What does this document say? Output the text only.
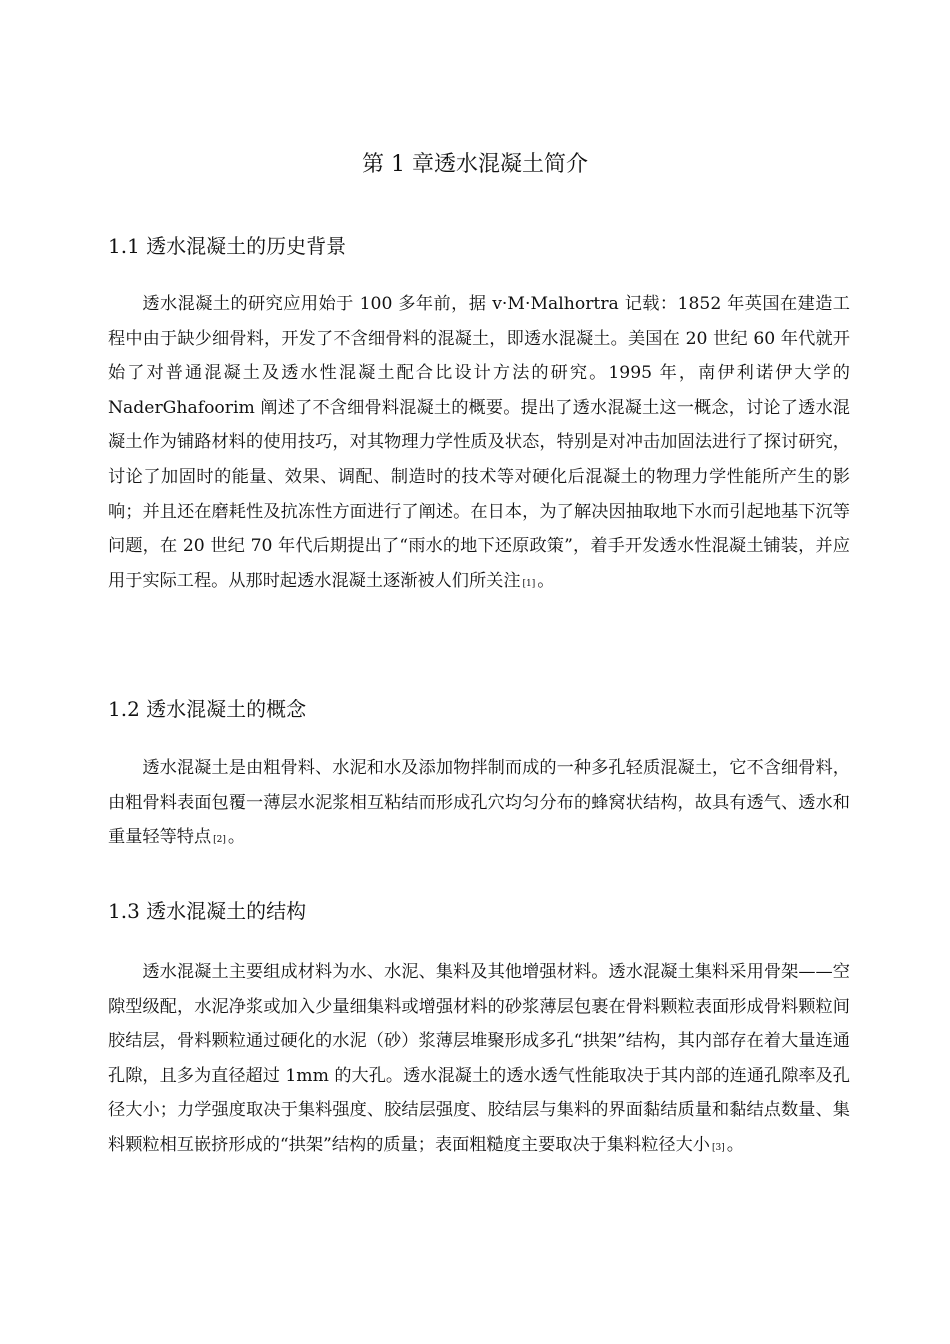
第 1 章透水混凝土简介
1.1 透水混凝土的历史背景

透水混凝土的研究应用始于 100 多年前，据 v·M·Malhortra 记载：1852 年英国在建造工程中由于缺少细骨料，开发了不含细骨料的混凝土，即透水混凝土。美国在 20 世纪 60 年代就开始了对普通混凝土及透水性混凝土配合比设计方法的研究。1995 年，南伊利诺伊大学的 NaderGhafoorim 阐述了不含细骨料混凝土的概要。提出了透水混凝土这一概念，讨论了透水混凝土作为铺路材料的使用技巧，对其物理力学性质及状态，特别是对冲击加固法进行了探讨研究，讨论了加固时的能量、效果、调配、制造时的技术等对硬化后混凝土的物理力学性能所产生的影响；并且还在磨耗性及抗冻性方面进行了阐述。在日本，为了解决因抽取地下水而引起地基下沉等问题，在 20 世纪 70 年代后期提出了“雨水的地下还原政策”，着手开发透水性混凝土铺装，并应用于实际工程。从那时起透水混凝土逐渐被人们所关注 [1] 。

1.2 透水混凝土的概念

透水混凝土是由粗骨料、水泥和水及添加物拌制而成的一种多孔轻质混凝土，它不含细骨料，由粗骨料表面包覆一薄层水泥浆相互粘结而形成孔穴均匀分布的蜂窝状结构，故具有透气、透水和重量轻等特点 [2] 。

1.3 透水混凝土的结构

透水混凝土主要组成材料为水、水泥、集料及其他增强材料。透水混凝土集料采用骨架——空隙型级配，水泥净浆或加入少量细集料或增强材料的砂浆薄层包裹在骨料颗粒表面形成骨料颗粒间胶结层，骨料颗粒通过硬化的水泥（砂）浆薄层堆聚形成多孔“拱架”结构，其内部存在着大量连通孔隙，且多为直径超过 1mm 的大孔。透水混凝土的透水透气性能取决于其内部的连通孔隙率及孔径大小；力学强度取决于集料强度、胶结层强度、胶结层与集料的界面黏结质量和黏结点数量、集料颗粒相互嵌挤形成的“拱架”结构的质量；表面粗糙度主要取决于集料粒径大小 [3] 。
